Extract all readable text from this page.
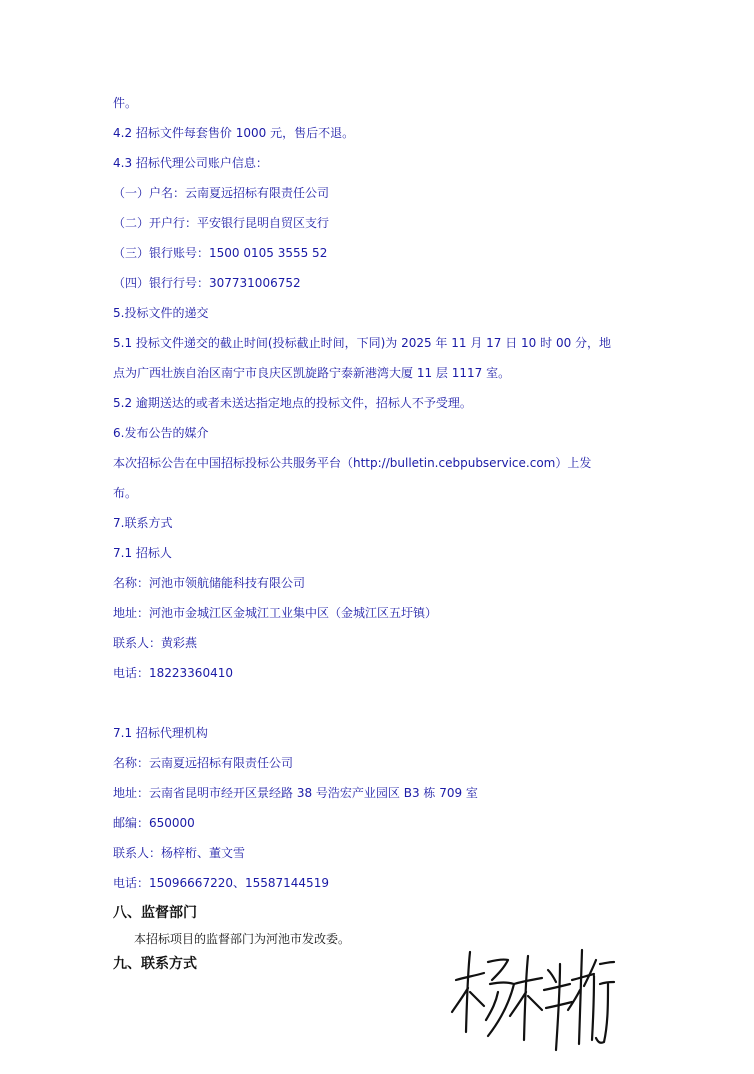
件。
4.2 招标文件每套售价 1000 元，售后不退。
4.3 招标代理公司账户信息：
（一）户名：云南夏远招标有限责任公司
（二）开户行：平安银行昆明自贸区支行
（三）银行账号：1500 0105 3555 52
（四）银行行号：307731006752
5.投标文件的递交
5.1 投标文件递交的截止时间(投标截止时间，下同)为 2025 年 11 月 17 日 10 时 00 分，地
点为广西壮族自治区南宁市良庆区凯旋路宁泰新港湾大厦 11 层 1117 室。
5.2 逾期送达的或者未送达指定地点的投标文件，招标人不予受理。
6.发布公告的媒介
本次招标公告在中国招标投标公共服务平台（http://bulletin.cebpubservice.com）上发
布。
7.联系方式
7.1 招标人
名称：河池市领航储能科技有限公司
地址：河池市金城江区金城江工业集中区（金城江区五圩镇）
联系人：黄彩燕
电话：18223360410
7.1 招标代理机构
名称：云南夏远招标有限责任公司
地址：云南省昆明市经开区景经路 38 号浩宏产业园区 B3 栋 709 室
邮编：650000
联系人：杨梓桁、董文雪
电话：15096667220、15587144519
八、监督部门
本招标项目的监督部门为河池市发改委。
九、联系方式
